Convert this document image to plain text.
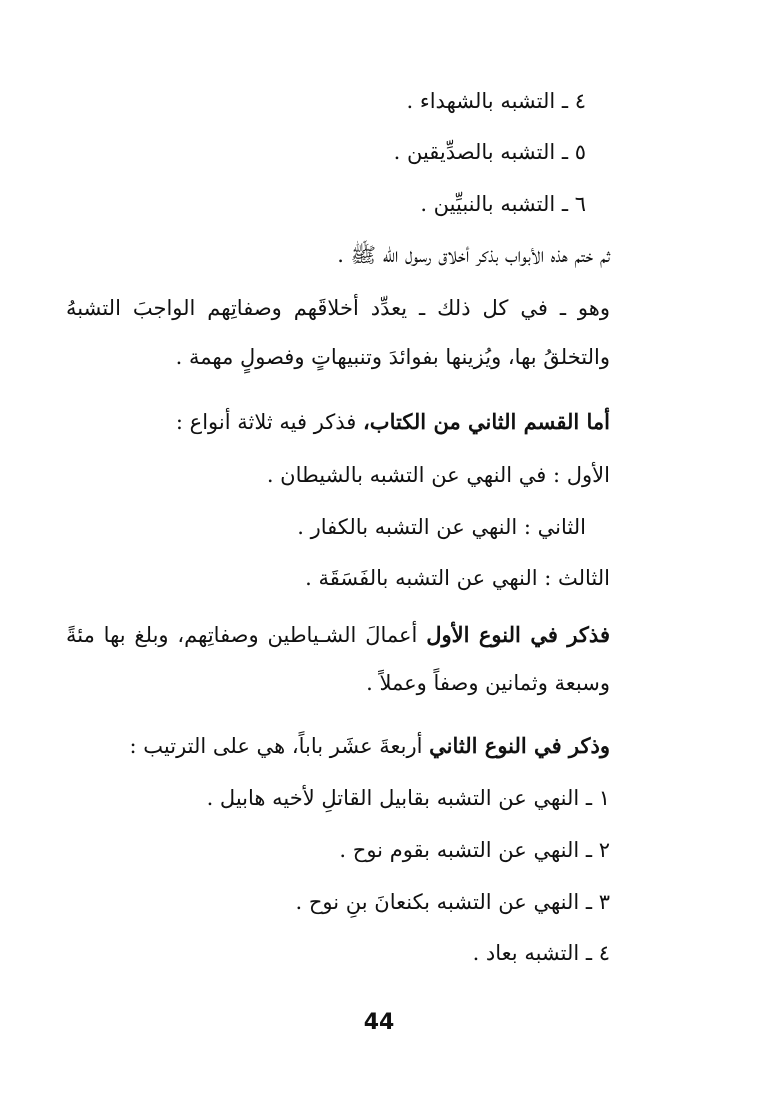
٤ ـ التشبه بالشهداء .
٥ ـ التشبه بالصدِّيقين .
٦ ـ التشبه بالنبيِّين .
ثم ختم هذه الأبواب بذكر أخلاق رسول الله ﷺ .
وهو ـ في كل ذلك ـ يعدِّد أخلاقَهم وصفاتِهم الواجبَ التشبهُ
والتخلقُ بها، ويُزينها بفوائدَ وتنبيهاتٍ وفصولٍ مهمة .
أما القسم الثاني من الكتاب، فذكر فيه ثلاثة أنواع :
الأول : في النهي عن التشبه بالشيطان .
الثاني : النهي عن التشبه بالكفار .
الثالث : النهي عن التشبه بالفَسَقَة .
فذكر في النوع الأول أعمالَ الشـياطين وصفاتِهم، وبلغ بها مئةً
وسبعة وثمانين وصفاً وعملاً .
وذكر في النوع الثاني أربعةَ عشَر باباً، هي على الترتيب :
١ ـ النهي عن التشبه بقابيل القاتلِ لأخيه هابيل .
٢ ـ النهي عن التشبه بقوم نوح .
٣ ـ النهي عن التشبه بكنعانَ بنِ نوح .
٤ ـ التشبه بعاد .
44
